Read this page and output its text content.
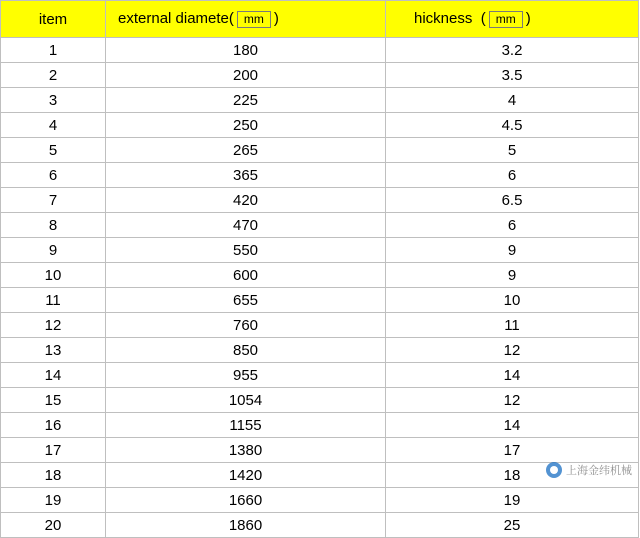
item	external diamete( mm )	hickness ( mm )
1	180	3.2
2	200	3.5
3	225	4
4	250	4.5
5	265	5
6	365	6
7	420	6.5
8	470	6
9	550	9
10	600	9
11	655	10
12	760	11
13	850	12
14	955	14
15	1054	12
16	1155	14
17	1380	17
18	1420	18
19	1660	19
20	1860	25
上海金纬机械
